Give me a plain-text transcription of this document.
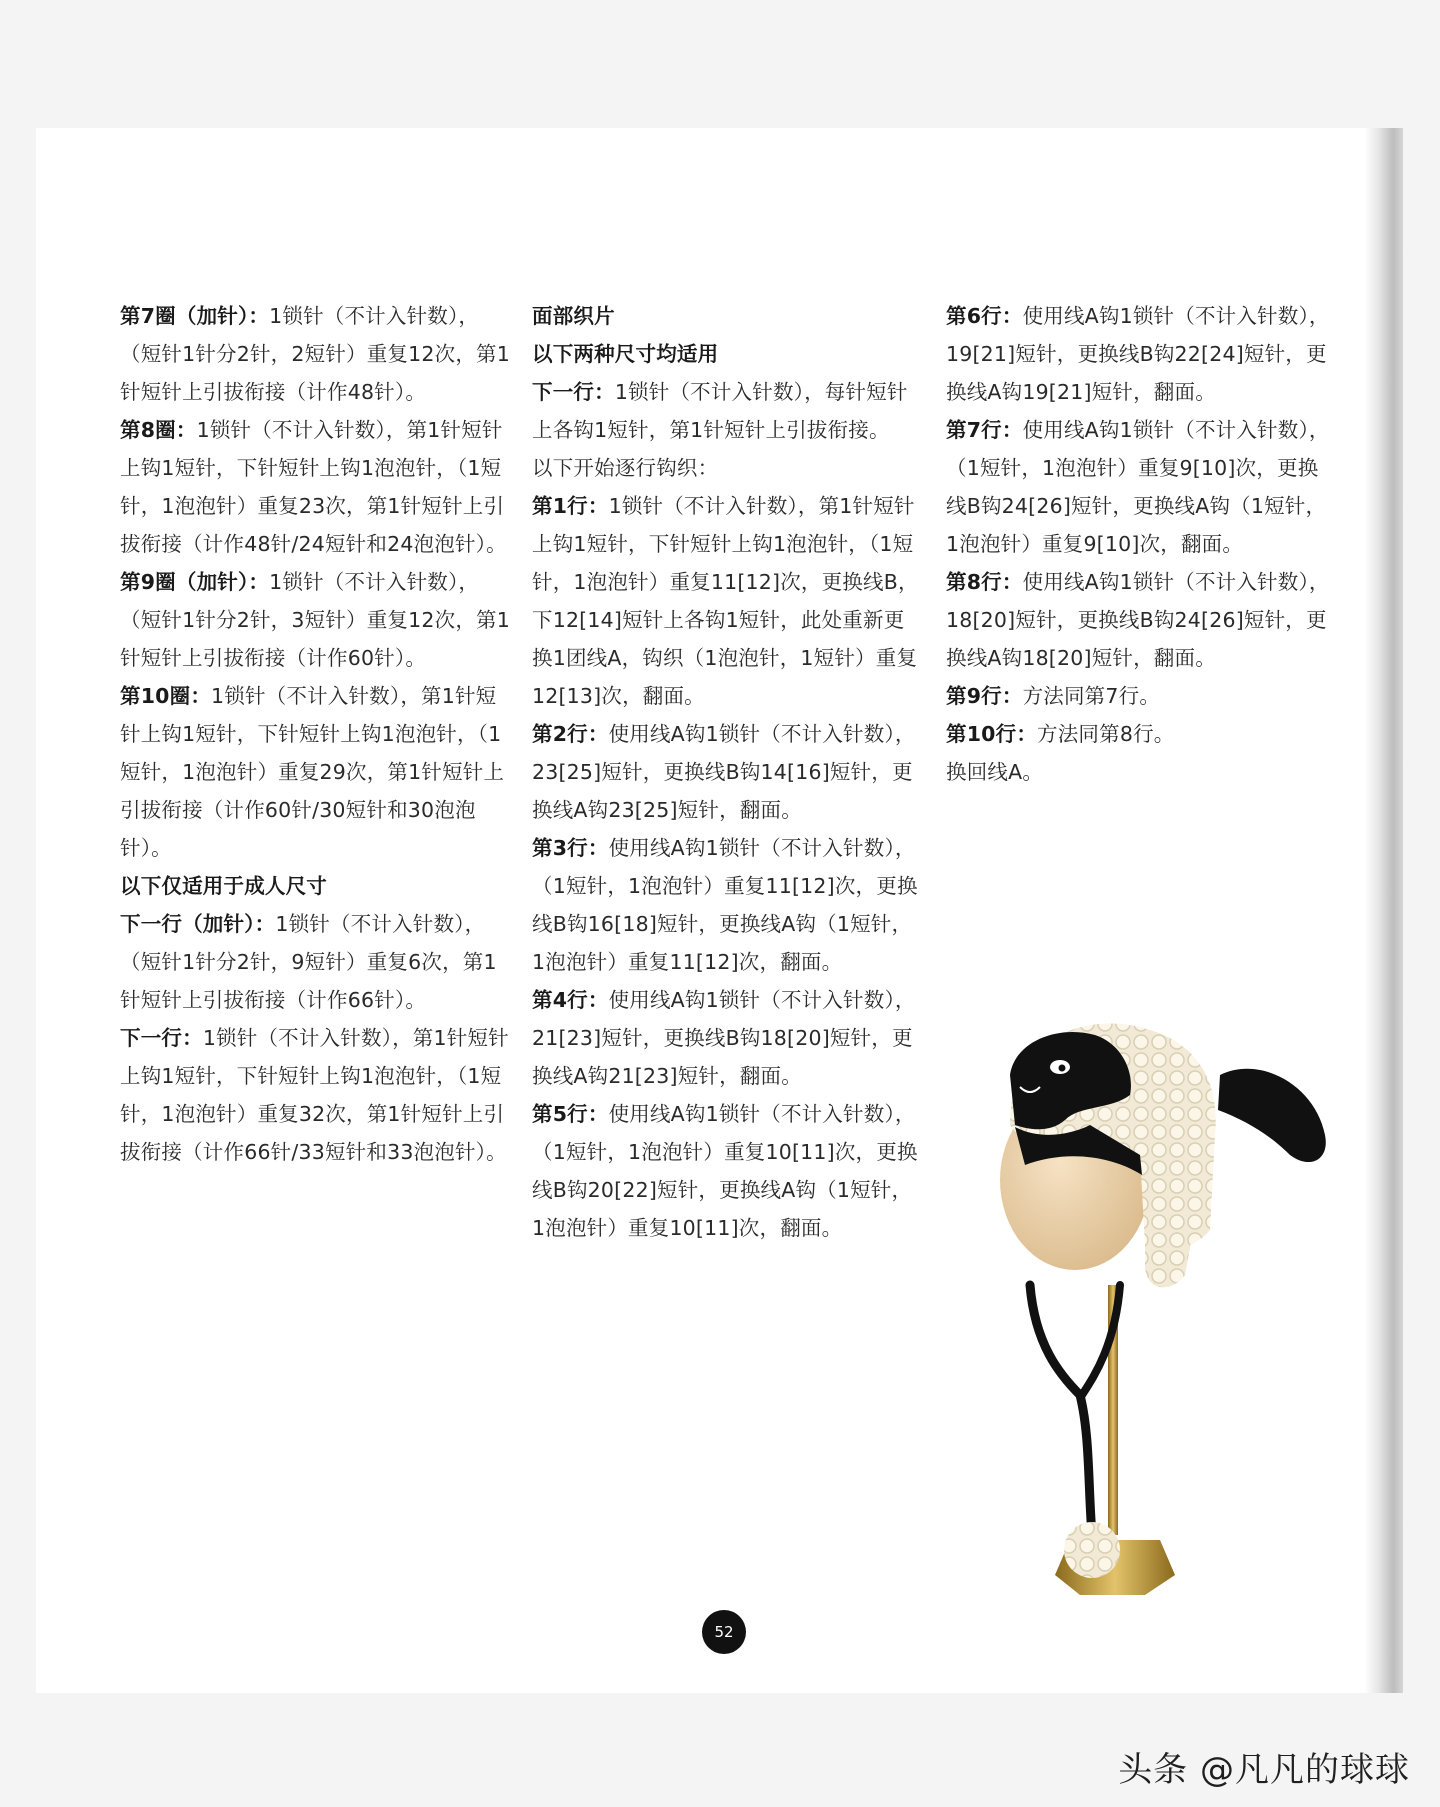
第7圈（加针）：1锁针（不计入针数），（短针1针分2针，2短针）重复12次，第1针短针上引拔衔接（计作48针）。

第8圈：1锁针（不计入针数），第1针短针上钩1短针，下针短针上钩1泡泡针，（1短针，1泡泡针）重复23次，第1针短针上引拔衔接（计作48针/24短针和24泡泡针）。

第9圈（加针）：1锁针（不计入针数），（短针1针分2针，3短针）重复12次，第1针短针上引拔衔接（计作60针）。

第10圈：1锁针（不计入针数），第1针短针上钩1短针，下针短针上钩1泡泡针，（1短针，1泡泡针）重复29次，第1针短针上引拔衔接（计作60针/30短针和30泡泡针）。

以下仅适用于成人尺寸

下一行（加针）：1锁针（不计入针数），（短针1针分2针，9短针）重复6次，第1针短针上引拔衔接（计作66针）。

下一行：1锁针（不计入针数），第1针短针上钩1短针，下针短针上钩1泡泡针，（1短针，1泡泡针）重复32次，第1针短针上引拔衔接（计作66针/33短针和33泡泡针）。

面部织片

以下两种尺寸均适用

下一行：1锁针（不计入针数），每针短针上各钩1短针，第1针短针上引拔衔接。

以下开始逐行钩织：

第1行：1锁针（不计入针数），第1针短针上钩1短针，下针短针上钩1泡泡针，（1短针，1泡泡针）重复11[12]次，更换线B，下12[14]短针上各钩1短针，此处重新更换1团线A，钩织（1泡泡针，1短针）重复12[13]次，翻面。

第2行：使用线A钩1锁针（不计入针数），23[25]短针，更换线B钩14[16]短针，更换线A钩23[25]短针，翻面。

第3行：使用线A钩1锁针（不计入针数），（1短针，1泡泡针）重复11[12]次，更换线B钩16[18]短针，更换线A钩（1短针，1泡泡针）重复11[12]次，翻面。

第4行：使用线A钩1锁针（不计入针数），21[23]短针，更换线B钩18[20]短针，更换线A钩21[23]短针，翻面。

第5行：使用线A钩1锁针（不计入针数），（1短针，1泡泡针）重复10[11]次，更换线B钩20[22]短针，更换线A钩（1短针，1泡泡针）重复10[11]次，翻面。

第6行：使用线A钩1锁针（不计入针数），19[21]短针，更换线B钩22[24]短针，更换线A钩19[21]短针，翻面。

第7行：使用线A钩1锁针（不计入针数），（1短针，1泡泡针）重复9[10]次，更换线B钩24[26]短针，更换线A钩（1短针，1泡泡针）重复9[10]次，翻面。

第8行：使用线A钩1锁针（不计入针数），18[20]短针，更换线B钩24[26]短针，更换线A钩18[20]短针，翻面。

第9行：方法同第7行。

第10行：方法同第8行。

换回线A。

52
头条 @凡凡的球球
